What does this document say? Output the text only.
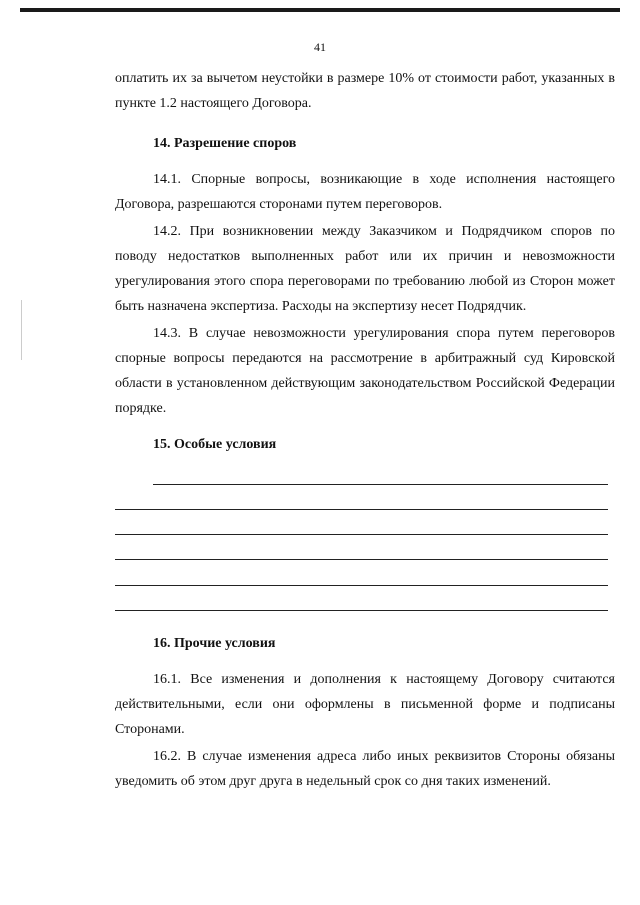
41

оплатить их за вычетом неустойки в размере 10% от стоимости работ, указанных в пункте 1.2 настоящего Договора.

14. Разрешение споров

14.1. Спорные вопросы, возникающие в ходе исполнения настоящего Договора, разрешаются сторонами путем переговоров.

14.2. При возникновении между Заказчиком и Подрядчиком споров по поводу недостатков выполненных работ или их причин и невозможности урегулирования этого спора переговорами по требованию любой из Сторон может быть назначена экспертиза. Расходы на экспертизу несет Подрядчик.

14.3. В случае невозможности урегулирования спора путем переговоров спорные вопросы передаются на рассмотрение в арбитражный суд Кировской области в установленном действующим законодательством Российской Федерации порядке.

15. Особые условия
16. Прочие условия

16.1. Все изменения и дополнения к настоящему Договору считаются действительными, если они оформлены в письменной форме и подписаны Сторонами.

16.2. В случае изменения адреса либо иных реквизитов Стороны обязаны уведомить об этом друг друга в недельный срок со дня таких изменений.
